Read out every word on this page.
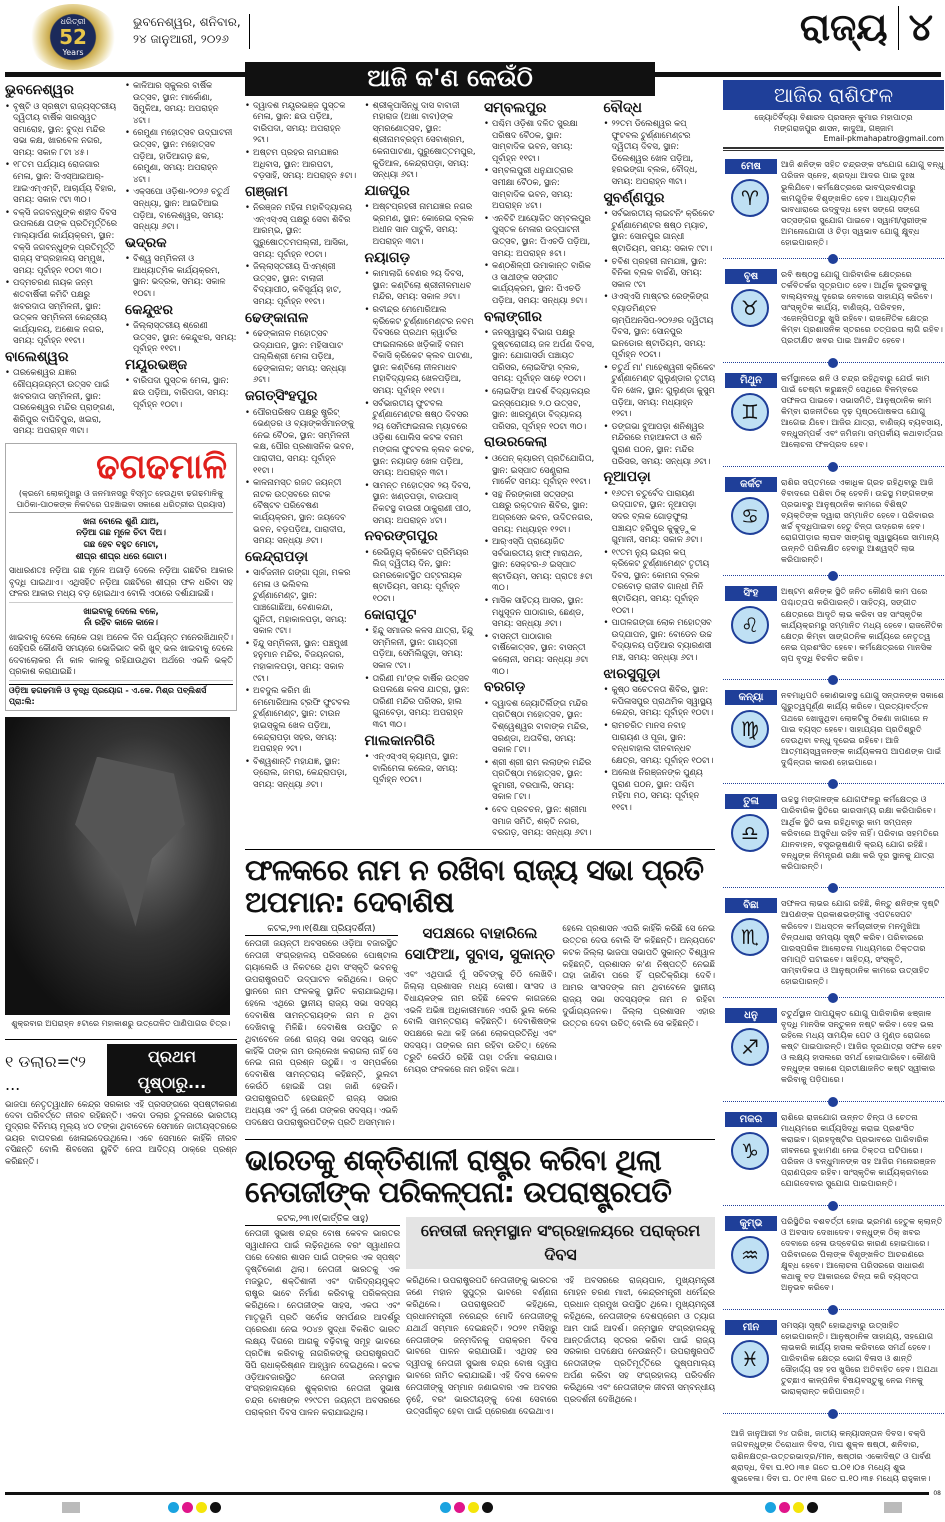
ଧରିତ୍ରୀ
52
Years
ଭୁବନେଶ୍ୱର, ଶନିବାର,
୨୪ ଜାନୁଆରୀ, ୨୦୨୬	ରାଜ୍ୟ ୪
ଭୁବନେଶ୍ୱର
• ବୃଷ୍ଟି ଓ ସ୍ରଷ୍ଟା ରାଜ୍ୟସ୍ତରୀୟ ଦ୍ୱିତୀୟ ବାର୍ଷିକ ସାରସ୍ୱତ ସମାରୋହ, ସ୍ଥାନ: ବୁଦ୍ଧ ମନ୍ଦିର ସଭା କକ୍ଷ, ଖାରବେଳ ନଗର, ସମୟ: ସକାଳ ୮ଟା ୪୫।
• ୧୮ତମ ପର୍ଯ୍ୟାୟ ରୋଜଗାର ମେଳା, ସ୍ଥାନ: ସିଏସ୍ଆଇଆର୍-ଆଇଏମ୍ଏମ୍‌ଟି, ଆଚାର୍ଯ୍ୟ ବିହାର, ସମୟ: ସକାଳ ୯ଟା ୩୦।
• ବକ୍ସି ଜଗବନ୍ଧୁଙ୍କ ଶହୀଦ ଦିବସ ଉପଲକ୍ଷେ ତାଙ୍କ ପ୍ରତିମୂର୍ତ୍ତିରେ ମାଲ୍ୟାର୍ପଣ କାର୍ଯ୍ୟକ୍ରମ, ସ୍ଥାନ: ବକ୍ସି ଜଗବନ୍ଧୁଙ୍କ ପ୍ରତିମୂର୍ତ୍ତି ରାଜ୍ୟ ସଂଗ୍ରହାଳୟ ସମ୍ମୁଖ, ସମୟ: ପୂର୍ବାହ୍ନ ୧୦ଟା ୩୦।
• ପଦ୍ମଚରଣ ନାୟକ ଜନ୍ମ ଶତବାର୍ଷିକୀ କମିଟି ପକ୍ଷରୁ ଖବରଦାତା ସମ୍ମିଳନୀ, ସ୍ଥାନ: ଉତ୍କଳ ସମ୍ମିଳନୀ କେନ୍ଦ୍ରୀୟ କାର୍ଯ୍ୟାଳୟ, ଅଶୋକ ନଗର, ସମୟ: ପୂର୍ବାହ୍ନ ୧୧ଟା।
ବାଲେଶ୍ୱର
• ତାରକେଶ୍ୱର ଯଜ୍ଞର ରୌପ୍ୟଜୟନ୍ତୀ ଉତ୍ସବ ପାଇଁ ଖବରଦାତା ସମ୍ମିଳନୀ, ସ୍ଥାନ: ତାରକେଶ୍ୱର ମନ୍ଦିର ପ୍ରାଙ୍ଗଣ, ଶିରିପୁର ବାଘିବିପୁର, ଖଇରା, ସମୟ: ଅପରାହ୍ନ ୩ଟା।
• କାଳିଆର ସ୍କୁଲର ବାର୍ଷିକ ଉତ୍ସବ, ସ୍ଥାନ: ମାର୍କୋଣା, ସିମୁଳିଆ, ସମୟ: ଅପରାହ୍ନ ୪ଟା।
• ରେମୁଣା ମହୋତ୍ସବ ଉଦ୍‌ଘାଟନୀ ଉତ୍ସବ, ସ୍ଥାନ: ମହୋତ୍ସବ ପଡ଼ିଆ, ହାଡିଆଗଡ଼ ଛକ, ରେମୁଣା, ସମୟ: ଅପରାହ୍ନ ୪ଟା।
• ଏକ୍ସପୋ ଓଡ଼ିଶା-୨୦୨୬ ଚତୁର୍ଥ ସନ୍ଧ୍ୟା, ସ୍ଥାନ: ଆଇଟିଆଇ ପଡ଼ିଆ, ବାଲେଶ୍ୱର, ସମୟ: ସନ୍ଧ୍ୟା ୬ଟା।
ଭଦ୍ରକ
• ବିଶ୍ୱ ସମ୍ମିଳନୀ ଓ ଆଧ୍ୟାତ୍ମିକ କାର୍ଯ୍ୟକ୍ରମ, ସ୍ଥାନ: ଭଦ୍ରକ, ସମୟ: ସକାଳ ୧୦ଟା।
କେନ୍ଦୁଝର
• ଜିଲ୍ଲାସ୍ତରୀୟ ଶ୍ରେଣୀ ଉତ୍ସବ, ସ୍ଥାନ: କେନ୍ଦୁଝର, ସମୟ: ପୂର୍ବାହ୍ନ ୧୧ଟା।
ମୟୂରଭଞ୍ଜ
• ବାରିପଦା ପୁସ୍ତକ ମେଳା, ସ୍ଥାନ: ଛଉ ପଡ଼ିଆ, ବାରିପଦା, ସମୟ: ପୂର୍ବାହ୍ନ ୧୦ଟା।
ଢଗଢମାଳି
(କ୍ରମେ ଲୋକମୁଖରୁ ଓ ଜନମାନସରୁ ବିସ୍ମୃତ ହେଉଥିବା ଢଗଢମାଳିକୁ ପାଠିକା-ପାଠକଙ୍କ ନିକଟରେ ପହଞ୍ଚାଇବା ସକାଶେ ଧରିତ୍ରୀର ପ୍ରୟାସ)
ଖନା ବୋଲେ ଶୁଣି ଯାଅ,
ନଡ଼ିଆ ଗଛ ମୂଳେ ଚିଟା ଦିଅ।
ଗଛ ହେବ ବହୁତ ମୋଟା,
ଶୀଘ୍ର ଶୀଘ୍ର ଧରେ ଗୋଟା।

ସାଧାରଣତଃ ନଡ଼ିଆ ଗଛ ମୂଳେ ଅଗାଡ଼ି ଦେଲେ ନଡ଼ିଆ ଗଛଟିର ଆକାର ବୃଦ୍ଧି ପାଇଥାଏ। ଏଥିସହିତ ନଡ଼ିଆ ଗଛଟିରେ ଶୀଘ୍ର ଫଳ ଧରିବା ସହ ଫଳର ଆକାର ମଧ୍ୟ ବଡ଼ ହୋଇଥାଏ ବୋଲି ଏଠାରେ ଦର୍ଶାଯାଇଛି।

ଖାଇବାକୁ ଦେଲେ ବଳେ,
ନାଁ ରହିବ କାଳେ କାଳେ।

ଖାଇବାକୁ ଦେଲେ ଲୋକେ ତାହା ଅନେକ ଦିନ ପର୍ଯ୍ୟନ୍ତ ମନେରଖିଥାନ୍ତି। ସେହିପରି କୌଣସି ସମୟରେ ଭୋଜିଭାତ କରି ଖୁବ୍ ଭଲ ଖାଇବାକୁ ଦେଲେ ଦେବାଲୋକର ନାଁ କାଳ କାଳକୁ ରହିଯାଉଥିବା ଅର୍ଥରେ ଏଭଳି ଭକ୍ତି ପ୍ରକାଶ କରାଯାଇଛି।

ଓଡ଼ିଆ ଢଗଢମାଳି ଓ ବୃଦ୍ଧି ପ୍ରୟୋଗ - ଏ.କେ. ମିଶ୍ର ପବ୍ଲିଶର୍ସ ପ୍ରା:ଲି:
ଶୁକ୍ରବାର ଅପରାହ୍ନ ୫ଟାରେ ମହାକାଶରୁ ଉତ୍ତୋଳିତ ପାଣିପାଗର ଚିତ୍ର।
୧ ଡଲାର=୯୨ ...
ପ୍ରଥମ ପୃଷ୍ଠାରୁ...
ଭାଜପା ନେତୃତ୍ୱାଧୀନ କେନ୍ଦ୍ର ସରକାର ଏହି ପ୍ରସଙ୍ଗରେ ସ୍ପଷ୍ଟୀକରଣ ଦେବା ପରିବର୍ତ୍ତେ ନୀରବ ରହିଛନ୍ତି। ଏକଦା ଡଲାର ତୁଳନାରେ ଭାରତୀୟ ମୁଦ୍ରାର ବିନିମୟ ମୂଲ୍ୟ ୪୦ ଟଙ୍କା ଥିବାବେଳେ ସେମାନେ ଜାତୀୟସ୍ତରରେ ଭୟର ବାତାବରଣ ଖେଳାଇଦେଉଥିଲେ। ଏବେ ସେମାନେ କାହିଁକି ନୀରବ ବସିଛନ୍ତି ବୋଲି ଶିବସେନା ୟୁବିଟି ନେତା ଆଦିତ୍ୟ ଠାକ୍ରେ ପ୍ରଶ୍ନ କରିଛନ୍ତି।
ଆଜି କ'ଣ କେଉଁଠି
• ଦ୍ୱାଦଶ ମୟୂରଭଞ୍ଜ ପୁସ୍ତକ ମେଳା, ସ୍ଥାନ: ଛଉ ପଡ଼ିଆ, ବାରିପଦା, ସମୟ: ଅପରାହ୍ନ ୨ଟା।
• ଅଷ୍ଟମ ପ୍ରହର ନାମଯଜ୍ଞର ଅଧିବାସ, ସ୍ଥାନ: ଆରପଟା, ବଡ଼ସାହି, ସମୟ: ଅପରାହ୍ନ ୫ଟା।
ଗଞ୍ଜାମ
• ନିରଞ୍ଜନ ମହିଳା ମହାବିଦ୍ୟାଳୟ ଏନ୍ଏସ୍ଏସ୍ ପକ୍ଷରୁ ସେବା ଶିବିର ଆରମ୍ଭ, ସ୍ଥାନ: ପୁରୁଷୋତ୍ତମପଲ୍ଲୀ, ଆସିକା, ସମୟ: ପୂର୍ବାହ୍ନ ୧୦ଟା।
• ଜିଲ୍ଲାସ୍ତରୀୟ ପିଏମ୍‌ଶ୍ରୀ ଉତ୍ସବ, ସ୍ଥାନ: ବାଲାଜୀ ବିଦ୍ୟାପୀଠ, କବିସୂର୍ଯ୍ୟ ହାଟ, ସମୟ: ପୂର୍ବାହ୍ନ ୧୧ଟା।
ଢେଙ୍କାନାଳ
• ଢେଙ୍କାନାଳ ମହୋତ୍ସବ ଉଦ୍‌ଯାପନ, ସ୍ଥାନ: ମହିସାପାଟ ପଲ୍ଲିଶ୍ରୀ ମେଳା ପଡ଼ିଆ, ଢେଙ୍କାନାଳ; ସମୟ: ସନ୍ଧ୍ୟା ୬ଟା।
ଜଗତ୍‌ସିଂହପୁର
• ପୌରପରିଷଦ ପକ୍ଷରୁ ଷ୍ଟ୍ରିଟ୍ ଭେଣ୍ଡର ଓ ବ୍ୟାଙ୍କର୍ସମାନଙ୍କୁ ନେଇ ବୈଠକ, ସ୍ଥାନ: ସମ୍ମିଳନୀ କକ୍ଷ, ପୌର ପ୍ରଶାସନିକ ଭବନ, ପାରାଦୀପ, ସମୟ: ପୂର୍ବାହ୍ନ ୧୧ଟା।
• କାଳନାମସ୍ତ ରଜତ ଜୟନ୍ତୀ ନାଟକ ଉତ୍ସବରେ ନାଟକ ବୈଷ୍ଟବ ପରିବେଷଣ କାର୍ଯ୍ୟକ୍ରମ, ସ୍ଥାନ: ଜୟଦେବ ଭବନ, ବଡ଼ପଡ଼ିଆ, ପାରାଦୀପ, ସମୟ: ସନ୍ଧ୍ୟା ୬ଟା।
କେନ୍ଦ୍ରାପଡ଼ା
• ସାର୍ବଜନୀନ ଗଙ୍ଗା ପୂଜା, ମକର ମେଳା ଓ ଭଲିବଲ ଟୁର୍ଣ୍ଣାମେଣ୍ଟ, ସ୍ଥାନ: ପାଞ୍ଚଗୋଛିଆ, ବେଣାକନ୍ଦା, ଗୁନିତୀ, ମହାକାଳପଡ଼ା, ସମୟ: ସକାଳ ୯ଟା।
• ହିନ୍ଦୁ ସମ୍ମିଳନୀ, ସ୍ଥାନ: ପଞ୍ଚମୁଖୀ ହନୁମାନ ମନ୍ଦିର, ବିଜୟନଗର, ମହାକାଳପଡ଼ା, ସମୟ: ସକାଳ ୯ଟା।
• ଅବଦୁଲ କରିମ ଖାଁ ମେମୋରିଆଲ ଟ୍ରଫି ଫୁଟବଲ ଟୁର୍ଣ୍ଣାମେଣ୍ଟ, ସ୍ଥାନ: ଟାଉନ ହାଇସ୍କୁଲ ଖେଳ ପଡ଼ିଆ, କେନ୍ଦ୍ରାପଡ଼ା ସହର, ସମୟ: ଅପରାହ୍ନ ୨ଟା।
• ବିଶ୍ୱଶାନ୍ତି ମହାଯଜ୍ଞ, ସ୍ଥାନ: ଡ୍ରୋଲ, ଜମରା, କେନ୍ଦ୍ରାପଡ଼ା, ସମୟ: ସନ୍ଧ୍ୟା ୬ଟା।
• ଶ୍ରୀକୃପାସିନ୍ଧୁ ଦାସ ବାବାଜୀ ମହାରାଜ (ଅଖା ବାବା)ଙ୍କ ସ୍ମରଣୋତ୍ସବ, ସ୍ଥାନ: ଶ୍ରୀନାମବ୍ରହ୍ମ ସେବାଶ୍ରମ, କେନାପାଟଣା, ପୁରୁଷୋତ୍ତମପୁର, କୁଡିଆଳ, କେନ୍ଦ୍ରାପଡ଼ା, ସମୟ: ସନ୍ଧ୍ୟା ୬ଟା।
ଯାଜପୁର
• ଅଷ୍ଟପ୍ରହରୀ ନାମଯଜ୍ଞର ନଗର ଭ୍ରମଣ, ସ୍ଥାନ: କୋରେଇ ବ୍ଲକ ଅଧୀନ ସାନ ପାଟୁଳି, ସମୟ: ଅପରାହ୍ନ ୩ଟା।
ନୟାଗଡ଼
• କାମାଲାଗି ବେଣର ୨ୟ ଦିବସ, ସ୍ଥାନ: କଣ୍ଟିଲୋ ଶ୍ରୀନୀଳମାଧବ ମନ୍ଦିର, ସମୟ: ସକାଳ ୬ଟା।
• ରବୀନ୍ଦ୍ର ମେମୋରିଆଲ କ୍ରିକେଟ ଟୁର୍ଣ୍ଣାମେଣ୍ଟର ନବମ ଦିବସରେ ପ୍ରଥମ କ୍ୱାର୍ଟର ଫାଇନାଲରେ ଖଡ଼ିକାହି ବନାମ ବିକାସି କ୍ରିକେଟ କ୍ଲବ ପାଟଣା, ସ୍ଥାନ: କଣ୍ଟିଲୋ ନୀଳମାଧବ ମହାବିଦ୍ୟାଳୟ ଖେଳପଡ଼ିଆ, ସମୟ: ପୂର୍ବାହ୍ନ ୧୧ଟା।
• ସର୍ବଭାରତୀୟ ଫୁଟବଲ ଟୁର୍ଣ୍ଣାମେଣ୍ଟର ଷଷ୍ଠ ଦିବସର ୨ୟ ସେମିଫାଇନାଲ ମ୍ୟାଚରେ ଓଡ଼ିଶା ପୋଲିସ କଟକ ବନାମ ମଙ୍ଗଳା ଫୁଟବଲ କ୍ଲବ କଟକ, ସ୍ଥାନ: ନୟାଗଡ଼ ଖେଳ ପଡ଼ିଆ, ସମୟ: ଅପରାହ୍ନ ୩ଟା।
• ସାମନ୍ତ ମହୋତ୍ସବ ୨ୟ ଦିବସ, ସ୍ଥାନ: ଖଣ୍ଡପଡ଼ା, ବାଉପାସ୍ ନିକଟସ୍ଥ ବାଉରୀ ଠାକୁରାଣୀ ପୀଠ, ସମୟ: ଅପରାହ୍ନ ୪ଟା।
ନବରଙ୍ଗପୁର
• ରେଭିନ୍ୟୁ କ୍ରିକେଟ ପ୍ରିମିୟର ଲିଗ୍ ଦ୍ୱିତୀୟ ଦିନ, ସ୍ଥାନ: ଉମରକୋଟସ୍ଥିତ ପଟ୍ଟନାୟକ ଷ୍ଟାଡିୟମ, ସମୟ: ପୂର୍ବାହ୍ନ ୧୦ଟା।
କୋରାପୁଟ
• ହିନ୍ଦୁ ସମାଜର କଳସ ଯାତ୍ରା, ହିନ୍ଦୁ ସମ୍ମିଳନୀ, ସ୍ଥାନ: ଗାୟତ୍ରୀ ପଡ଼ିଆ, ସେମିଲିଗୁଡ଼ା, ସମୟ: ସକାଳ ୯ଟା।
• ତାରିଣୀ ମା'ଙ୍କ ବାର୍ଷିକ ଉତ୍ସବ ଉପଲକ୍ଷେ କଳସ ଯାତ୍ରା, ସ୍ଥାନ: ତାରିଣୀ ମନ୍ଦିର ପରିସର, ହାଲ ଗୁନାବେଡ଼ା, ସମୟ: ଅପରାହ୍ନ ୩ଟା ୩୦।
ମାଲକାନଗିରି
• ଏନ୍ଏସ୍ଏସ୍ କ୍ୟାମ୍ପ, ସ୍ଥାନ: ବାଲିମେଳା କଲେଜ, ସମୟ: ପୂର୍ବାହ୍ନ ୧୦ଟା।
ସମ୍ବଲପୁର
• ପଶ୍ଚିମ ଓଡ଼ିଶା ଦଳିତ ସୁରକ୍ଷା ପରିଷଦ ବୈଠକ, ସ୍ଥାନ: ସାମ୍ବାଦିକ ଭବନ, ସମୟ: ପୂର୍ବାହ୍ନ ୧୧ଟା।
• ସମ୍ବଲପୁରୀ ଧନୁଯାତ୍ରାର ସମୀକ୍ଷା ବୈଠକ, ସ୍ଥାନ: ସାମ୍ବାଦିକ ଭବନ, ସମୟ: ଅପରାହ୍ନ ୪ଟା।
• ଏନବିଟି ଆୟୋଜିତ ସମ୍ବଲପୁର ପୁସ୍ତକ ମେଳାର ଉଦ୍‌ଘାଟନୀ ଉତ୍ସବ, ସ୍ଥାନ: ପିଏଚଡି ପଡ଼ିଆ, ସମୟ: ଅପରାହ୍ନ ୫ଟା।
• କଣ୍ଠଶିଳ୍ପୀ ଉମାକାନ୍ତ ବାରିକ ଓ ସାଥୀଙ୍କ ସଙ୍ଗୀତ କାର୍ଯ୍ୟକ୍ରମ, ସ୍ଥାନ: ପିଏଚଡି ପଡ଼ିଆ, ସମୟ: ସନ୍ଧ୍ୟା ୭ଟା।
ବଲାଙ୍ଗୀର
• ଜନସ୍ୱାସ୍ଥ୍ୟ ବିଭାଗ ପକ୍ଷରୁ ଦୁଷ୍ଟରୋଗୀୟ ଜଳ ଅର୍ପଣ ଦିବସ, ସ୍ଥାନ: ଯୋଗାସର୍ଡା ପଞ୍ଚାୟତ ପରିସର, ଲୋଇସିଂହା ବ୍ଲକ, ସମୟ: ପୂର୍ବାହ୍ନ ସାଢ଼େ ୧୦ଟା।
• ଲୋଇସିଂହା ଆଦର୍ଶ ବିଦ୍ୟାଳୟର ଇନ୍‌ସ୍ପେୟାର ୨.୦ ଉତ୍ସବ, ସ୍ଥାନ: ଖାରମୁଣ୍ଡା ବିଦ୍ୟାଳୟ ପରିସର, ପୂର୍ବାହ୍ନ ୧୦ଟା ୩୦।
ରାଉରକେଲା
• ଓପେନ୍ କ୍ୟାରମ୍ ପ୍ରତିଯୋଗିତା, ସ୍ଥାନ: ଇସ୍ପାତ ସେଣ୍ଟ୍ରାଲ ମାର୍କେଟ ସମୟ: ପୂର୍ବାହ୍ନ ୧୧ଟା।
• ସନ୍ଥ ନିରଙ୍କାରୀ ସତ୍‌ସଙ୍ଗ ପକ୍ଷରୁ ରକ୍ତଦାନ ଶିବିର, ସ୍ଥାନ: ଅଗ୍ରସେନ ଭବନ, ଉଦିତନଗର, ସମୟ: ମଧ୍ୟାହ୍ନ ୧୨ଟା।
• ଆର୍‌ଏସ୍‌ପି ପ୍ରାୟୋଜିତ ସର୍ବଭାରତୀୟ ହାଫ୍ ମାରାଥନ, ସ୍ଥାନ: ସେକ୍ଟର-୬ ଇସ୍ପାତ ଷ୍ଟାଡିୟମ, ସମୟ: ପ୍ରାତଃ ୫ଟା ୩୦।
• ମାସିକ ସାହିତ୍ୟ ଆସର, ସ୍ଥାନ: ମଧୁସୂଦନ ପାଠାଗାର, ଛେଣ୍ଡ, ସମୟ: ସନ୍ଧ୍ୟା ୬ଟା।
• ବାସନ୍ତୀ ପାଠାଗାର ବାର୍ଷିକୋତ୍ସବ, ସ୍ଥାନ: ବାସନ୍ତୀ କଲୋନୀ, ସମୟ: ସନ୍ଧ୍ୟା ୬ଟା ୩୦।
ବରଗଡ଼
• ଦ୍ୱାଦଶ ଜ୍ୟୋତିର୍ଲିଙ୍ଗ ମନ୍ଦିର ପ୍ରତିଷ୍ଠା ମହୋତ୍ସବ, ସ୍ଥାନ: ବିଶ୍ୱେଶ୍ୱର ବାବାଙ୍କ ମନ୍ଦିର, ସରଣ୍ଡା, ଅତାବିରା, ସମୟ: ସକାଳ ୮ଟା।
• ଶ୍ରୀ ଶ୍ରୀ ରାମ ଲଲାଙ୍କ ମନ୍ଦିର ପ୍ରତିଷ୍ଠା ମହୋତ୍ସବ, ସ୍ଥାନ: କୁମାରୀ, ବରପାଲି, ସମୟ: ସକାଳ ୮ଟା।
• ବେଦ ପ୍ରବଚନ, ସ୍ଥାନ: ଶ୍ରୀମା ସମାଜ ସମିତି, ଶକ୍ତି ନଗର, ବରଗଡ଼, ସମୟ: ସନ୍ଧ୍ୟା ୬ଟା।
ବୌଦ୍ଧ
• ୨୨ତମ ଡିଲେଶ୍ୱର କପ୍ ଫୁଟବଲ ଟୁର୍ଣ୍ଣାମେଣ୍ଟର ଦ୍ୱିତୀୟ ଦିବସ, ସ୍ଥାନ: ଡିଲେଶ୍ୱର ଖେଳ ପଡ଼ିଆ, ହରଭଙ୍ଗା ବ୍ଲକ, ବୌଦ୍ଧ, ସମୟ: ଅପରାହ୍ନ ୩ଟା।
ସୁବର୍ଣ୍ଣପୁର
• ସର୍ବଭାରତୀୟ ଲାଇଟନିଂ କ୍ରିକେଟ ଟୁର୍ଣ୍ଣାମେଣ୍ଟର ଷଷ୍ଠ ମ୍ୟାଚ, ସ୍ଥାନ: ସୋନପୁର ଗାନ୍ଧୀ ଷ୍ଟାଡିୟମ, ସମୟ: ସକାଳ ୯ଟା।
• ଚବିଶ ପ୍ରହରୀ ନାମଯଜ୍ଞ, ସ୍ଥାନ: ବିନିକା ବ୍ଲକ ବାର୍ଚ୍ଚଣି, ସମୟ: ସକାଳ ୯ଟା
• ଓଏସ୍ଏସି ମାଷ୍ଟର ରେଙ୍କିଙ୍ଗ ବ୍ୟାଡମିଣ୍ଟନ ଚାମ୍ପିଅନସିପ-୨୦୨୬ର ଦ୍ୱିତୀୟ ଦିବସ, ସ୍ଥାନ: ସୋନପୁର ଇନଡୋର ଷ୍ଟାଡିୟମ, ସମୟ: ପୂର୍ବାହ୍ନ ୧୦ଟା।
• ଚତୁର୍ଥ ମା' ମାହେଶ୍ୱରୀ କ୍ରିକେଟ ଟୁର୍ଣ୍ଣାମେଣ୍ଟ ଗୁଲୁଣ୍ଡାର ତୃତୀୟ ଦିନ ଖେଳ, ସ୍ଥାନ: ଗୁଲୁଣ୍ଡା କୁସୁମ ପଡ଼ିଆ, ସମୟ: ମଧ୍ୟାହ୍ନ ୧୨ଟା।
• ଡଙ୍ଗଭା ବୁଆପଡ଼ା ଶନିଶ୍ୱର ମନ୍ଦିରରେ ମହାଆଳତୀ ଓ ଶନି ପୁରାଣ ପଠନ, ସ୍ଥାନ: ମନ୍ଦିର ପରିସର, ସମୟ: ସନ୍ଧ୍ୟା ୬ଟା।
ନୂଆପଡ଼ା
• ୧୬ତମ ଚତୁର୍ବେଦ ପାରାୟଣ ଉଦ୍‌ଘାଟନ, ସ୍ଥାନ: ନୂଆପଡ଼ା ସଦର ବ୍ଲକ ଗୋଡ଼ଫୁଲା ପଞ୍ଚାୟତ ହରିପୁର କୁକୁଡ଼ୁକ ଗୁମାନୀ, ସମୟ: ସକାଳ ୬ଟା।
• ୧୯ତମ ନ୍ୟୁ ଇୟର କପ୍ କ୍ରିକେଟ ଟୁର୍ଣ୍ଣାମେଣ୍ଟ ତୃତୀୟ ଦିବସ, ସ୍ଥାନ: କୋମନା ବ୍ଲକ ତରବୋଡ଼ ରାଜୀବ ଗାନ୍ଧୀ ମିନି ଷ୍ଟାଡିୟମ, ସମୟ: ପୂର୍ବାହ୍ନ ୧୦ଟା।
• ପାତାଳଗଙ୍ଗା ଲୋକ ମହୋତ୍ସବ ଉଦ୍‌ଯାପନ, ସ୍ଥାନ: ବୋଡେନ ଉଚ୍ଚ ବିଦ୍ୟାଳୟ ପଡ଼ିଆର ବ୍ୟାରଣସୀ ମଞ୍ଚ, ସମୟ: ସନ୍ଧ୍ୟା ୬ଟା।
ଝାରସୁଗୁଡ଼ା
• କୁଷ୍ଠ ସଚେତନତା ଶିବିର, ସ୍ଥାନ: କପିଳାସପୁର ପ୍ରାଥମିକ ସ୍ୱାସ୍ଥ୍ୟ କେନ୍ଦ୍ର, ସମୟ: ପୂର୍ବାହ୍ନ ୧୦ଟା।
• ରାମଚରିତ ମାନସ ନବାହ ପାରାୟଣ ଓ ପୂଜା, ସ୍ଥାନ: ବନ୍ଧବାହାଲ ଦୀନବାନ୍ଧବ କ୍ଷେତ୍ର, ସମୟ: ପୂର୍ବାହ୍ନ ୧୦ଟା।
• ଅଲେଖ ନିରଞ୍ଜନଙ୍କ ପୁଣ୍ୟ ପୁରାଣ ପଠନ, ସ୍ଥାନ: ପଶ୍ଚିମ ମହିମା ମଠ, ସମୟ: ପୂର୍ବାହ୍ନ ୧୧ଟା।
ଫଳକରେ ନାମ ନ ରଖିବା ରାଜ୍ୟ ସଭା ପ୍ରତି ଅପମାନ: ଦେବାଶିଷ
କଟକ,୨୩।୧(ଶିକ୍ଷା ପ୍ରିୟଦର୍ଶିନୀ)
ନେତାଜୀ ଜୟନ୍ତୀ ଅବସରରେ ଓଡ଼ିଆ ବଜାରସ୍ଥିତ ନେତାଜୀ ସଂଗ୍ରହାଳୟ ପରିସରରେ ପୋଷ୍ଟାଲ ଗ୍ୟାଲେରି ଓ ନିକଟରେ ଥିବା ସଂସ୍କୃତି ଭବନକୁ ଉପରାଷ୍ଟ୍ରପତି ଉଦ୍‌ଘାଟନ କରିଥିଲେ। ଉକ୍ତ ସ୍ଥାନରେ ନାମ ଫଳକକୁ ସ୍ଥାନିତ କରାଯାଇଥିଲା। ହେଲେ ଏଥିରେ ସ୍ଥାନୀୟ ରାଜ୍ୟ ସଭା ସଦସ୍ୟ ଦେବାଶିଷ ସାମନ୍ତରାୟଙ୍କ ନାମ ନ ଥିବା ଦେଖିବାକୁ ମିଳିଛି। ଦେବାଶିଷ ଉପସ୍ଥିତ ନ ଥିବାବେଳେ ଜଣେ ରାଜ୍ୟ ସଭା ସଦସ୍ୟ ଭାବେ କାହିଁକି ତାଙ୍କ ନାମ ଉଲ୍ଲେଖ କରାଗଲା ନାହିଁ ସେ ନେଇ ନାନା ପ୍ରଶ୍ନ ଉଠୁଛି। ଏ ସମ୍ପର୍କରେ ଦେବାଶିଷ ସାମନ୍ତରାୟ କହିଛନ୍ତି, ଭୁଲଟା କେଉଁଠି ହୋଇଛି ତାହା ଜାଣି ହେଉନି। ଉପରାଷ୍ଟ୍ରପତି ହେଉଛନ୍ତି ରାଜ୍ୟ ସଭାର ଅଧ୍ୟକ୍ଷ ଏବଂ ମୁଁ ଜଣେ ତାଙ୍କର ସଦସ୍ୟ। ଏଭଳି ପଦକ୍ଷେପ ଉପରାଷ୍ଟ୍ରପତିଙ୍କ ପ୍ରତି ଅସମ୍ମାନ।
ସପକ୍ଷରେ ବାହାରିଲେ
ସୋଫିଆ, ସୁବାସ, ସୁକାନ୍ତ
ଏବଂ ଏଥିପାଇଁ ମୁଁ ସଚିବଙ୍କୁ ଚିଠି ଲେଖିବି। ଜିଲ୍ଲା ପ୍ରଶାସନ ମଧ୍ୟ ଦୋଷୀ। ସାଂସଦ ଓ ବିଧାୟକଙ୍କ ନାମ ରହିଛି କେବଳ କାଗଜରେ ଏଭଳି ଅଭିଜ୍ଞ ଅଧିକାରୀମାନେ ଏପରି ଭୁଲ କଲେ ବୋଲି ସାମନ୍ତରାୟ କହିଛନ୍ତି। ଦେବାଶିଷଙ୍କ ସପକ୍ଷରେ କଥା କହି ଜଣେ ଲୋକପ୍ରତିନିଧି ଏବଂ ସଦସ୍ୟ। ତାଙ୍କର ନାମ ରହିବା ଉଚିତ୍। ହେଲେ ତ୍ରୁଟି କେଉଁଠି ରହିଛି ତାହା ତର୍ଜମା କରାଯାଉ। ମେୟର ଫଳକରେ ନାମ ରହିବା କଥା।
ହେଲେ ପ୍ରଶାସନ ଏପରି କାହିଁକି କରିଛି ସେ ନେଇ ଉତ୍ତର ଦେଉ ବୋଲି ସିଂ କହିଛନ୍ତି। ଅନ୍ୟପଟେ କଟକ ଜିଲ୍ଲା ଭାଜପା ସଭାପତି ସୁକାନ୍ତ ବିଶ୍ୱାଳ କହିଛନ୍ତି, ପ୍ରଶାସନ କ'ଣ ନିଷ୍ପତ୍ତି ନେଇଛି ତାହା ଜାଣିବା ପରେ ହିଁ ପ୍ରତିକ୍ରିୟା ଦେବି। ଆମର ସାଂସଦଙ୍କ ନାମ ଥିବାବେଳେ ସ୍ଥାନୀୟ ରାଜ୍ୟ ସଭା ସଦସ୍ୟଙ୍କ ନାମ ନ ରହିବା ଦୁର୍ଭାଗ୍ୟଜନକ। ଜିଲ୍ଲା ପ୍ରଶାସନ ଏହାର ଉତ୍ତର ଦେବା ଉଚିତ୍ ବୋଲି ସେ କହିଛନ୍ତି।
ଭାରତକୁ ଶକ୍ତିଶାଳୀ ରାଷ୍ଟ୍ର କରିବା ଥିଲା ନେତାଜୀଙ୍କ ପରିକଳ୍ପନା: ଉପରାଷ୍ଟ୍ରପତି
କଟକ,୨୩।୧(କାର୍ତ୍ତିକ ସାହୁ)
ନେତାଜୀ ସୁଭାଷ ଚନ୍ଦ୍ର ବୋଷ କେବଳ ଭାରତର ସ୍ୱାଧୀନତା ପାଇଁ ଲଢ଼ିନଥିଲେ ବରଂ ସ୍ୱାଧୀନତା ପରେ ଦେଶର ଶାସନ ପାଇଁ ତାଙ୍କର ଏକ ସ୍ପଷ୍ଟ ଦୃଷ୍ଟିକୋଣ ଥିଲା। ନେତାଜୀ ଭାରତକୁ ଏକ ମଜଭୁତ, ଶକ୍ତିଶାଳୀ ଏବଂ ଦାରିଦ୍ର୍ୟମୁକ୍ତ ରାଷ୍ଟ୍ର ଭାବେ ନିର୍ମାଣ କରିବାକୁ ପରିକଳ୍ପନା କରିଥିଲେ। ନେତାଜୀଙ୍କ ସାହସ, ଏକତା ଏବଂ ମାତୃଭୂମି ପ୍ରତି ସର୍ବୋଚ୍ଚ ସମର୍ପଣର ଆଦର୍ଶରୁ ପ୍ରେରଣା ନେଇ ୨୦୪୭ ସୁଦ୍ଧା ବିକଶିତ ଭାରତ ଲକ୍ଷ୍ୟ ଦିଗରେ ଆଗକୁ ବଢ଼ିବାକୁ ସମୂହ ଭାବରେ ପ୍ରତିଜ୍ଞା କରିବାକୁ ନାଗରିକଙ୍କୁ ଉପରାଷ୍ଟ୍ରପତି ସିପି ରାଧାକ୍ରିଷ୍ଣନ ଆହ୍ୱାନ ଦେଇଥିଲେ। କଟକ ଓଡ଼ିଆବଜାରସ୍ଥିତ ନେତାଜୀ ଜନ୍ମସ୍ଥାନ ସଂଗ୍ରହାଳୟରେ ଶୁକ୍ରବାର ନେତାଜୀ ସୁଭାଷ ଚନ୍ଦ୍ର ବୋଷଙ୍କ ୧୨୯ତମ ଜୟନ୍ତୀ ଅବସରରେ ପରାକ୍ରମ ଦିବସ ପାଳନ କରାଯାଇଥିଲା।
ନେତାଜୀ ଜନ୍ମସ୍ଥାନ ସଂଗ୍ରହାଳୟରେ ପରାକ୍ରମ ଦିବସ
କରିଥିଲେ। ଉପରାଷ୍ଟ୍ରପତି ନେତାଜୀଙ୍କୁ ଭାରତର ଜଣେ ମହାନ ସୁପୁତ୍ର ଭାବରେ ବର୍ଣ୍ଣନା କରିଥିଲେ। ଉପରାଷ୍ଟ୍ରପତି କହିଥିଲେ, ପ୍ରଧାନମନ୍ତ୍ରୀ ନରେନ୍ଦ୍ର ମୋଦି ନେତାଜୀଙ୍କୁ ଯଥାର୍ଥ ସମ୍ମାନ ଦେଇଛନ୍ତି। ୨୦୨୧ ମସିହାରୁ ନେତାଜୀଙ୍କ ଜନ୍ମଦିନକୁ ପରାକ୍ରମ ଦିବସ ଭାବରେ ପାଳନ କରାଯାଉଛି। ଏଥିସହ ରସ ଦ୍ୱୀପକୁ ନେତାଜୀ ସୁଭାଷ ଚନ୍ଦ୍ର ବୋଷ ଦ୍ୱୀପ ଭାବରେ ନାମିତ କରାଯାଇଛି। ଏହି ଦିବସ କେବଳ ନେତାଜୀଙ୍କୁ ସମ୍ମାନ ଜଣାଇବାର ଏକ ଅବସର ନୁହେଁ, ବରଂ ଭାରତୀୟଙ୍କୁ ଦେଶ ସେବାରେ ଉତ୍ସର୍ଗୀକୃତ ହେବା ପାଇଁ ପ୍ରେରଣା ଦେଇଥାଏ।
ଏହି ଅବସରରେ ରାଜ୍ୟପାଳ, ମୁଖ୍ୟମନ୍ତ୍ରୀ ମୋହନ ଚରଣ ମାଝୀ, କେନ୍ଦ୍ରମନ୍ତ୍ରୀ ଧର୍ମେନ୍ଦ୍ର ପ୍ରଧାନ ପ୍ରମୁଖ ଉପସ୍ଥିତ ଥିଲେ। ମୁଖ୍ୟମନ୍ତ୍ରୀ କହିଥିଲେ, ନେତାଜୀଙ୍କ ଦେଶପ୍ରେମ ଓ ତ୍ୟାଗ ଆମ ପାଇଁ ଆଦର୍ଶ। ଜନ୍ମସ୍ଥାନ ସଂଗ୍ରହାଳୟକୁ ଆନ୍ତର୍ଜାତୀୟ ସ୍ତରର କରିବା ପାଇଁ ରାଜ୍ୟ ସରକାର ପଦକ୍ଷେପ ନେଉଛନ୍ତି। ଉପରାଷ୍ଟ୍ରପତି ନେତାଜୀଙ୍କ ପ୍ରତିମୂର୍ତ୍ତିରେ ପୁଷ୍ପମାଲ୍ୟ ଅର୍ପଣ କରିବା ସହ ସଂଗ୍ରହାଳୟ ପରିଦର୍ଶନ କରିଥିଲେ ଏବଂ ନେତାଜୀଙ୍କ ଜୀବନୀ ସମ୍ବନ୍ଧୀୟ ପ୍ରଦର୍ଶନୀ ଦେଖିଥିଲେ।
ଆଜିର ରାଶିଫଳ
ଜ୍ୟୋତିର୍ବିଦ୍ୟା ବିଶାରଦ ପ୍ରସନ୍ନ କୁମାର ମହାପାତ୍ର
ମଙ୍ଗରାଜପୁର ଶାସନ, କାଦୁଆ, ଗଞ୍ଜାମ
Email-pkmahapatro@gmail.com
ମେଷ
♈
ଆଜି ଶନିଙ୍କ ସହିତ ଚନ୍ଦ୍ରଙ୍କ ସଂଯୋଗ ଯୋଗୁ ବନ୍ଧୁ ପରିଜନ ସ୍ନେହ, ଶ୍ରଦ୍ଧା ଆଦର ପାଇ ଦୁଃଖ ଭୁଲିଯିବେ। କର୍ମକ୍ଷେତ୍ରରେ ଭାବପ୍ରବଣତାରୁ କାମଗୁଡ଼ିକ ବିଶୃଙ୍ଖଳିତ ହେବ। ଆଧ୍ୟାତ୍ମିକ ଭାବଧାରାରେ ଉଦ୍‌ବୁଦ୍ଧ ହେବା ସଙ୍ଗେ ସଙ୍ଗେ ସତ୍‌ସଙ୍ଗର ସୁଯୋଗ ପାଇବେ। ସ୍ୱାମୀ/ସ୍ତ୍ରୀଙ୍କ ଅମନୋଯୋଗୀ ଓ ଚିଡ଼ା ସ୍ୱଭାବ ଯୋଗୁ କ୍ଷୁବ୍ଧ ହୋଇପାରନ୍ତି।
ବୃଷ
♉
ରବି ଷଷ୍ଠସ୍ଥ ଯୋଗୁ ପାରିବାରିକ କ୍ଷେତ୍ରରେ ତର୍କବିତର୍କର ସୂତ୍ରପାତ ହେବ। ଆର୍ଥିକ ଦୁରବସ୍ଥାକୁ ବାଲ୍ୟବନ୍ଧୁ ଦୂରେଇ ନେବାରେ ସାହାଯ୍ୟ କରିବେ। ସାଂସ୍କୃତିକ କାର୍ଯ୍ୟ, ବାଣିଜ୍ୟ, ପରିବହନ, ଏଜେନ୍ସିପତ୍ରୁ ଖୁସି ରହିବେ। ରାଜନୈତିକ କ୍ଷେତ୍ର କିମ୍ବା ପ୍ରଶାସନିକ ସ୍ତରରେ ତତ୍ପରତା ଲାଗି ରହିବ। ପ୍ରତୀକ୍ଷିତ ଖବର ପାଇ ଆନନ୍ଦିତ ହେବେ।
ମିଥୁନ
♊
କର୍ମସ୍ଥାନରେ ଶନି ଓ ଚନ୍ଦ୍ର ରହିଥିବାରୁ ଯେଉଁ କାମ ପାଇଁ ଚେଷ୍ଟା କରୁଛନ୍ତି ସେଥିରେ ବିଳମ୍ବରେ ସଫଳତା ପାଇବେ। ସଭାସମିତି, ଆନୁଷ୍ଠାନିକ କାମ କିମ୍ବା ରାଜନୀତିରେ ଦୃଢ଼ ପୃଷ୍ଠପୋଷକତା ଯୋଗୁ ଆଗେଇ ଯିବେ। ଆଜିର ଯାତ୍ରା, ବାଣିଜ୍ୟ ବ୍ୟବସାୟ, ବନ୍ଧୁସମ୍ପର୍କ ଏବଂ ଜମିଜମା ସମ୍ପର୍କୀୟ କଥାବାର୍ତ୍ତାର ଆଲୋଚନା ଫଳପ୍ରଦ ହେବ।
କର୍କଟ
♋
ରାଶିର ସପ୍ତମରେ ଏକାଧିକ ଗ୍ରହ ରହିଥିବାରୁ ଆଜି ବିବାଦରେ ପଶିବା ଠିକ୍ ହେବନି। ଉଚ୍ଚସ୍ଥ ମଙ୍ଗଳଙ୍କ ପ୍ରଭାବରୁ ଆନୁଷ୍ଠାନିକ କାମରେ ବିଶିଷ୍ଟ ବ୍ୟକ୍ତିଙ୍କ ଦ୍ୱାରା ସମ୍ମାନିତ ହେବେ। ପରିବାରର ଖର୍ଚ୍ଚ ବୃଦ୍ଧିପାଇବା ହେତୁ ଚିନ୍ତା ଉଦ୍ରେକ ହେବ। ରୋଗପୀଡ଼ାର ଲାଘବ ସାଙ୍ଗକୁ ସ୍ୱାସ୍ଥ୍ୟରେ ସାମାନ୍ୟ ଉନ୍ନତି ପରିଲକ୍ଷିତ ହେବାରୁ ଆଶ୍ୱସ୍ତି ଲାଭ କରିପାରନ୍ତି।
ସିଂହ
♌
ଅଷ୍ଟମ ଶନିଙ୍କ ସ୍ଥିତି ଜନିତ କୌଣସି କାମ ପରେ ପଶ୍ଚାତ୍ତାପ କରିପାରନ୍ତି। ସାହିତ୍ୟ, ସଙ୍ଗୀତ କ୍ଷେତ୍ରରେ ଆଦୃତି ଲାଭ କରିବା ସହ ସାଂସ୍କୃତିକ କାର୍ଯ୍ୟକ୍ରମରୁ ସମ୍ମାନିତ ମଧ୍ୟ ହେବେ। ରାଜନୈତିକ କ୍ଷେତ୍ର କିମ୍ବା ସାଙ୍ଗଠନିକ କାର୍ଯ୍ୟରେ ନେତୃତ୍ୱ ନେଇ ପ୍ରଶଂସିତ ହେବେ। କର୍ମକ୍ଷେତ୍ରରେ ମାନସିକ ଚାପ ବୃଦ୍ଧି ବିଚଳିତ କରିବ।
କନ୍ୟା
♍
ନବମାଧିପତି କୋଣଭାବସ୍ଥ ଯୋଗୁ ସନ୍ତାନଙ୍କ ସକାଶେ ଗୁରୁତ୍ୱପୂର୍ଣ୍ଣ କାର୍ଯ୍ୟ କରିବେ। ପ୍ରତ୍ୟାବର୍ତ୍ତନ ପଥରେ ଖୋଜୁଥିବା ଲୋକଟିକୁ ଠିକଣା ଜାଗାରେ ନ ପାଇ ବ୍ୟସ୍ତ ହେବେ। ସାହାଯ୍ୟର ପ୍ରତିଶ୍ରୁତି ଦେଉଥିବା ବନ୍ଧୁ ଦୂରେଇ ରହିବେ। ଆଜି ଆତ୍ମୀୟସ୍ୱଜନଙ୍କ କାର୍ଯ୍ୟକଳାପ ଆପଣଙ୍କ ପାଇଁ ଦୁଶ୍ଚିନ୍ତାର କାରଣ ହୋଇପାରେ।
ତୁଳା
♎
ଉଚ୍ଚସ୍ଥ ମଙ୍ଗଳଙ୍କ ଯୋଗଫଳରୁ କର୍ମକ୍ଷେତ୍ର ଓ ପାରିବାରିକ ସ୍ଥିତିରେ ଭାରସାମ୍ୟ ରକ୍ଷା କରିପାରିବେ। ଆର୍ଥିକ ସ୍ଥିତି ଭଲ ରହିଥିବାରୁ କାମ ସମ୍ପନ୍ନ କରିବାରେ ଅସୁବିଧା ରହିବ ନାହିଁ। ପରିବାର ସହମତିରେ ଯାନବାହନ, ବସ୍ତ୍ରଭୂଷଣାଦି କ୍ରୟ ଯୋଗ ରହିଛି। ବନ୍ଧୁଙ୍କ ନିମନ୍ତ୍ରଣ ରକ୍ଷା କରି ଦୂର ସ୍ଥାନକୁ ଯାତ୍ରା କରିପାରନ୍ତି।
ବିଛା
♏
ସଫଳତା ଲାଭର ଯୋଗ ରହିଛି, କିନ୍ତୁ ଶନିଙ୍କ ଦୃଷ୍ଟି ଆପଣଙ୍କ ପ୍ରକାଶଭଙ୍ଗୀକୁ ଏପଟସେପଟ କରିଦେବ। ଅଧସ୍ତନ କର୍ମଚାରୀଙ୍କ ମନମୁଖିଆ ଚିନ୍ତାଧାରା ସମସ୍ୟା ସୃଷ୍ଟି କରିବ। ପରିବାରରେ ପାରସ୍ପରିକ ଆଲୋଚନା ମାଧ୍ୟମରେ ତିକ୍ତତାର ସମାପ୍ତି ଘଟାଇବେ। ସାହିତ୍ୟ, ସଂସ୍କୃତି, ସାମ୍ବାଦିକତା ଓ ଆନୁଷ୍ଠାନିକ କାମରେ ଉତ୍ସାହିତ ହୋଇପାରନ୍ତି।
ଧନୁ
♐
ଚତୁର୍ଥସ୍ଥାନ ପାପଯୁକ୍ତ ଯୋଗୁ ପାରିବାରିକ ଝଞ୍ଜାଳ ବୃଦ୍ଧି ମାନସିକ ସନ୍ତୁଳନ ନଷ୍ଟ କରିବ। ଦେହ ଭଲ ରହିଲେ ମଧ୍ୟ ସାମୟିକ ପେଟ ଓ ମୁଣ୍ଡ ରୋଗରେ କଷ୍ଟ ପାଇପାରନ୍ତି। ଆଜିର ଦୂରଯାତ୍ରା ସଫଳ ହେବ ଓ ଲକ୍ଷ୍ୟ ହାସଲରେ ସମର୍ଥ ହୋଇପାରିବେ। କୌଣସି ବନ୍ଧୁଙ୍କ ସକାଶେ ପ୍ରତୀକ୍ଷାଜନିତ କଷ୍ଟ ସ୍ୱୀକାର କରିବାକୁ ପଡ଼ିପାରେ।
ମକର
♑
ରାଶିରେ ରାଜଯୋଗ ଉନ୍ନତ ଚିନ୍ତା ଓ ଚେତନା ମାଧ୍ୟମରେ କାର୍ଯ୍ୟସିଦ୍ଧି କରାଇ ପ୍ରଶଂସିତ କରାଇବ। ଗ୍ରହଦୃଷ୍ଟିର ପ୍ରଭାବରେ ପାରିବାରିକ ଜୀବନରେ ବୁଝାମଣା ନେଇ ତିକ୍ତତା ଘଟିପାରେ। ପରିଜନ ଓ ବନ୍ଧୁମାନଙ୍କ ସହ ଆଜିର ମନୋରଞ୍ଜନ ପ୍ରାଣପ୍ରଦ ରହିବ। ସାଂସ୍କୃତିକ କାର୍ଯ୍ୟକ୍ରମରେ ଯୋଗଦେବାର ସୁଯୋଗ ପାଇପାରନ୍ତି।
କୁମ୍ଭ
♒
ପରିସ୍ଥିତିର ବଶବର୍ତ୍ତୀ ହୋଇ ଭ୍ରମଣ ହେତୁକ କ୍ଲାନ୍ତି ଓ ଅବସାଦ ଦେଖାଦେବ। ବନ୍ଧୁଙ୍କ ଠିକ୍ ଖବର ଦେବାରେ ହେଳା ଉଦ୍‌ବେଗର କାରଣ ହୋଇପାରେ। ପରିବାରରେ ପିଲାଙ୍କ ବିଶୃଙ୍ଖଳିତ ଆଚରଣରେ କ୍ଷୁବ୍ଧ ହେବେ। ଆଲୋଚନା ପରିସରରେ ସାଧାରଣ କଥାକୁ ବଡ଼ ଆକାରରେ ଚିନ୍ତା କରି ବ୍ୟସ୍ତତା ଅନୁଭବ କରିବେ।
ମୀନ
♓
ସମସ୍ୟା ସୃଷ୍ଟି ହୋଇଥିବାରୁ ଉତ୍ସାହିତ ହୋଇପାରନ୍ତି। ଆନୁଷ୍ଠାନିକ ସାହାଯ୍ୟ, ସହଯୋଗ ଲାଭକରି କାର୍ଯ୍ୟ ହାସଲ କରିବାରେ ସମର୍ଥ ହେବେ। ପାରିବାରିକ କ୍ଷେତ୍ର ଭୋଗ ବିଳାସ ଓ ଶାନ୍ତି ସୌହାର୍ଦ୍ଦ୍ୟ ସହ ହସ ଖୁସିରେ ଅତିବାହିତ ହେବ। ଅଯଥା ତୁଚ୍ଛାଏ କାଳ୍ପନିକ ବିଷୟବସ୍ତୁକୁ ନେଇ ମନକୁ ଭାରାକ୍ରାନ୍ତ କରିପାରନ୍ତି।
ଆଜି ଜାନୁଆରୀ ୨୪ ତାରିଖ, ଜାତୀୟ କନ୍ୟାସନ୍ତାନ ଦିବସ। ବକ୍ସି ଜଗବନ୍ଧୁଙ୍କ ତିରୋଧାନ ଦିବସ, ମାଘ ଶୁକ୍ଳ ଷଷ୍ଠୀ, ଶନିବାର, ରାଶିନକ୍ଷତ୍ର-ଉତ୍ତରଭାଦ୍ର/ମୀନ, ଷଷ୍ଠୀର ଏକୋଦିଷ୍ଟ ଓ ପାର୍ବଣ ଶ୍ରାଦ୍ଧ, ଦିବା ଘ.୧୦।୩୫ ଗତେ ଘ.୦୧।୦୫ ମଧ୍ୟେ ଶୁଭ ଶୁଭବେଳା। ଦିବା ଘ. ୦୯।୧୩ ଗତେ ଘ.୧୦।୩୫ ମଧ୍ୟେ ରାହୁକାଳ।
08
